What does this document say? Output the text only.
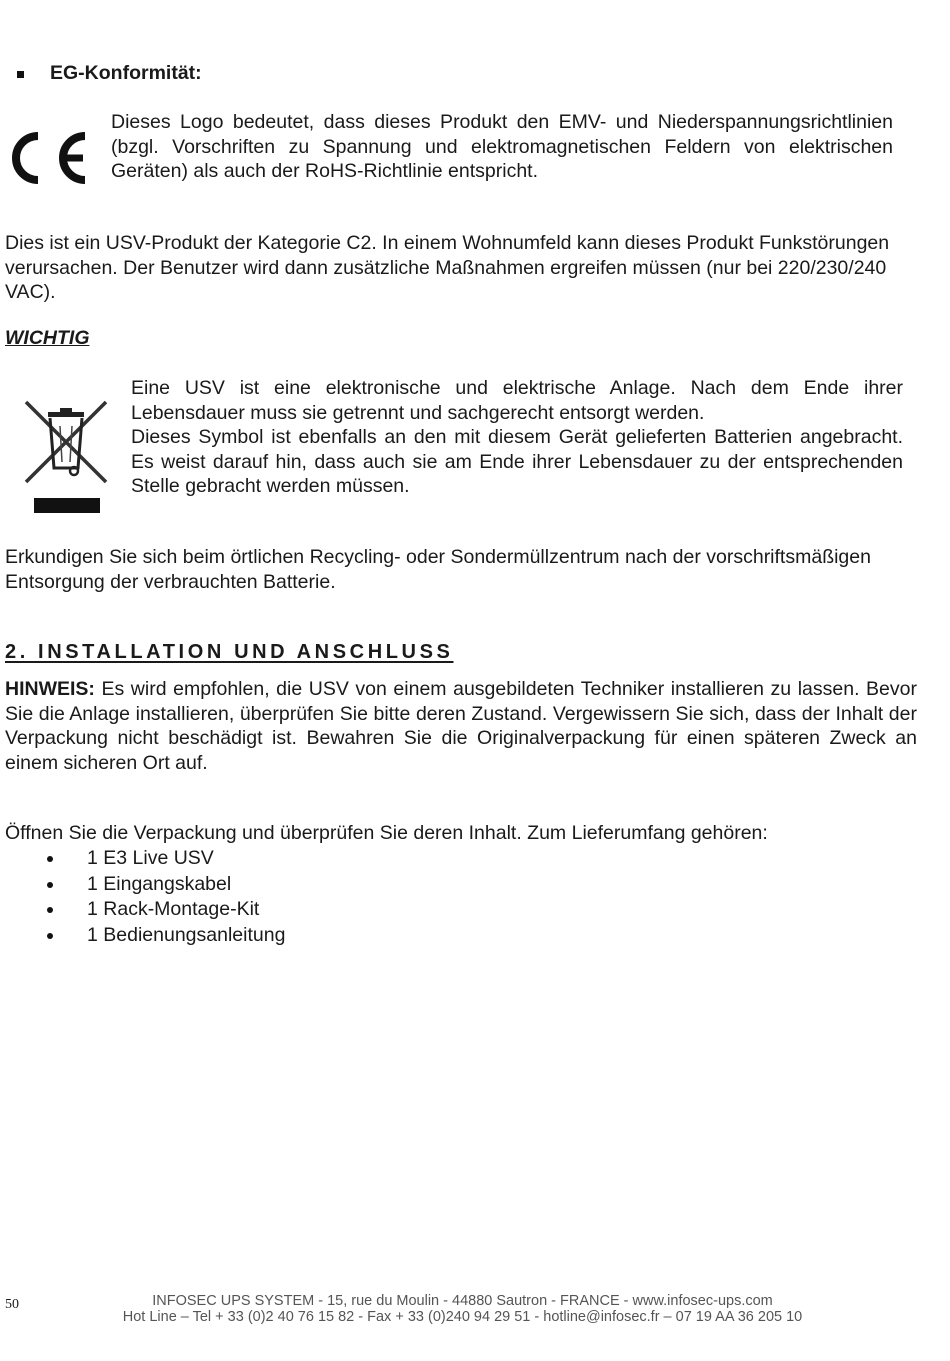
EG-Konformität:
Dieses Logo bedeutet, dass dieses Produkt den EMV- und Niederspannungsrichtlinien (bzgl. Vorschriften zu Spannung und elektromagnetischen Feldern von elektrischen Geräten) als auch der RoHS-Richtlinie entspricht.
Dies ist ein USV-Produkt der Kategorie C2. In einem Wohnumfeld kann dieses Produkt Funkstörungen verursachen. Der Benutzer wird dann zusätzliche Maßnahmen ergreifen müssen (nur bei 220/230/240 VAC).
WICHTIG
Eine USV ist eine elektronische und elektrische Anlage. Nach dem Ende ihrer Lebensdauer muss sie getrennt und sachgerecht entsorgt werden.
Dieses Symbol ist ebenfalls an den mit diesem Gerät gelieferten Batterien angebracht. Es weist darauf hin, dass auch sie am Ende ihrer Lebensdauer zu der entsprechenden Stelle gebracht werden müssen.
Erkundigen Sie sich beim örtlichen Recycling- oder Sondermüllzentrum nach der vorschriftsmäßigen Entsorgung der verbrauchten Batterie.
2. INSTALLATION UND ANSCHLUSS
HINWEIS: Es wird empfohlen, die USV von einem ausgebildeten Techniker installieren zu lassen. Bevor Sie die Anlage installieren, überprüfen Sie bitte deren Zustand. Vergewissern Sie sich, dass der Inhalt der Verpackung nicht beschädigt ist. Bewahren Sie die Originalverpackung für einen späteren Zweck an einem sicheren Ort auf.
Öffnen Sie die Verpackung und überprüfen Sie deren Inhalt. Zum Lieferumfang gehören:
1 E3 Live USV
1 Eingangskabel
1 Rack-Montage-Kit
1 Bedienungsanleitung
50	INFOSEC UPS SYSTEM - 15, rue du Moulin - 44880 Sautron - FRANCE - www.infosec-ups.com
Hot Line – Tel + 33 (0)2 40 76 15 82 - Fax + 33 (0)240 94 29 51 - hotline@infosec.fr – 07 19 AA 36 205 10
